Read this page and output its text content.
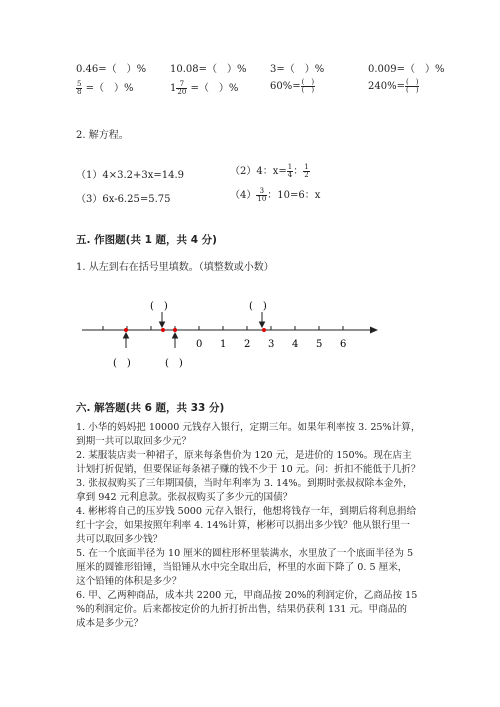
0.46=（　）% 10.08=（　）% 3=（　）%	0.009=（　）%
$\frac{5}{8}$ =（　）%	$1 \frac{7}{20}$ =（　）%	$60\%= \frac{( )}{( )}$	$240\%= \frac{( )}{( )}$
2. 解方程。
（1）4×3.2+3x=14.9	（2）4：$x= \frac{1}{4}$ ： $\frac{1}{2}$
（3）6x-6.25=5.75	$(4) \frac{3}{10}$ ：10=6：x
五. 作图题(共 1 题，共 4 分)
1. 从左到右在括号里填数。（填整数或小数）
(　)	(　)
(　)	(　)
0 1 2 3 4 5 6
六. 解答题(共 6 题，共 33 分)
1. 小华的妈妈把 10000 元钱存入银行，定期三年。如果年利率按 3. 25%计算，
到期一共可以取回多少元？
2. 某服装店卖一种裙子，原来每条售价为 120 元，是进价的 150%。现在店主
计划打折促销，但要保证每条裙子赚的钱不少于 10 元。问：折扣不能低于几折？
3. 张叔叔购买了三年期国债，当时年利率为 3. 14%。到期时张叔叔除本金外，
拿到 942 元利息款。张叔叔购买了多少元的国债？
4. 彬彬将自己的压岁钱 5000 元存入银行，他想将钱存一年，到期后将利息捐给
红十字会，如果按照年利率 4. 14%计算，彬彬可以捐出多少钱？他从银行里一
共可以取回多少钱？
5. 在一个底面半径为 10 厘米的圆柱形杯里装满水，水里放了一个底面半径为 5
厘米的圆锥形铅锤，当铅锤从水中完全取出后，杯里的水面下降了 0. 5 厘米，
这个铅锤的体积是多少？
6. 甲、乙两种商品，成本共 2200 元，甲商品按 20%的利润定价，乙商品按 15
%的利润定价。后来都按定价的九折打折出售，结果仍获利 131 元。甲商品的
成本是多少元？
